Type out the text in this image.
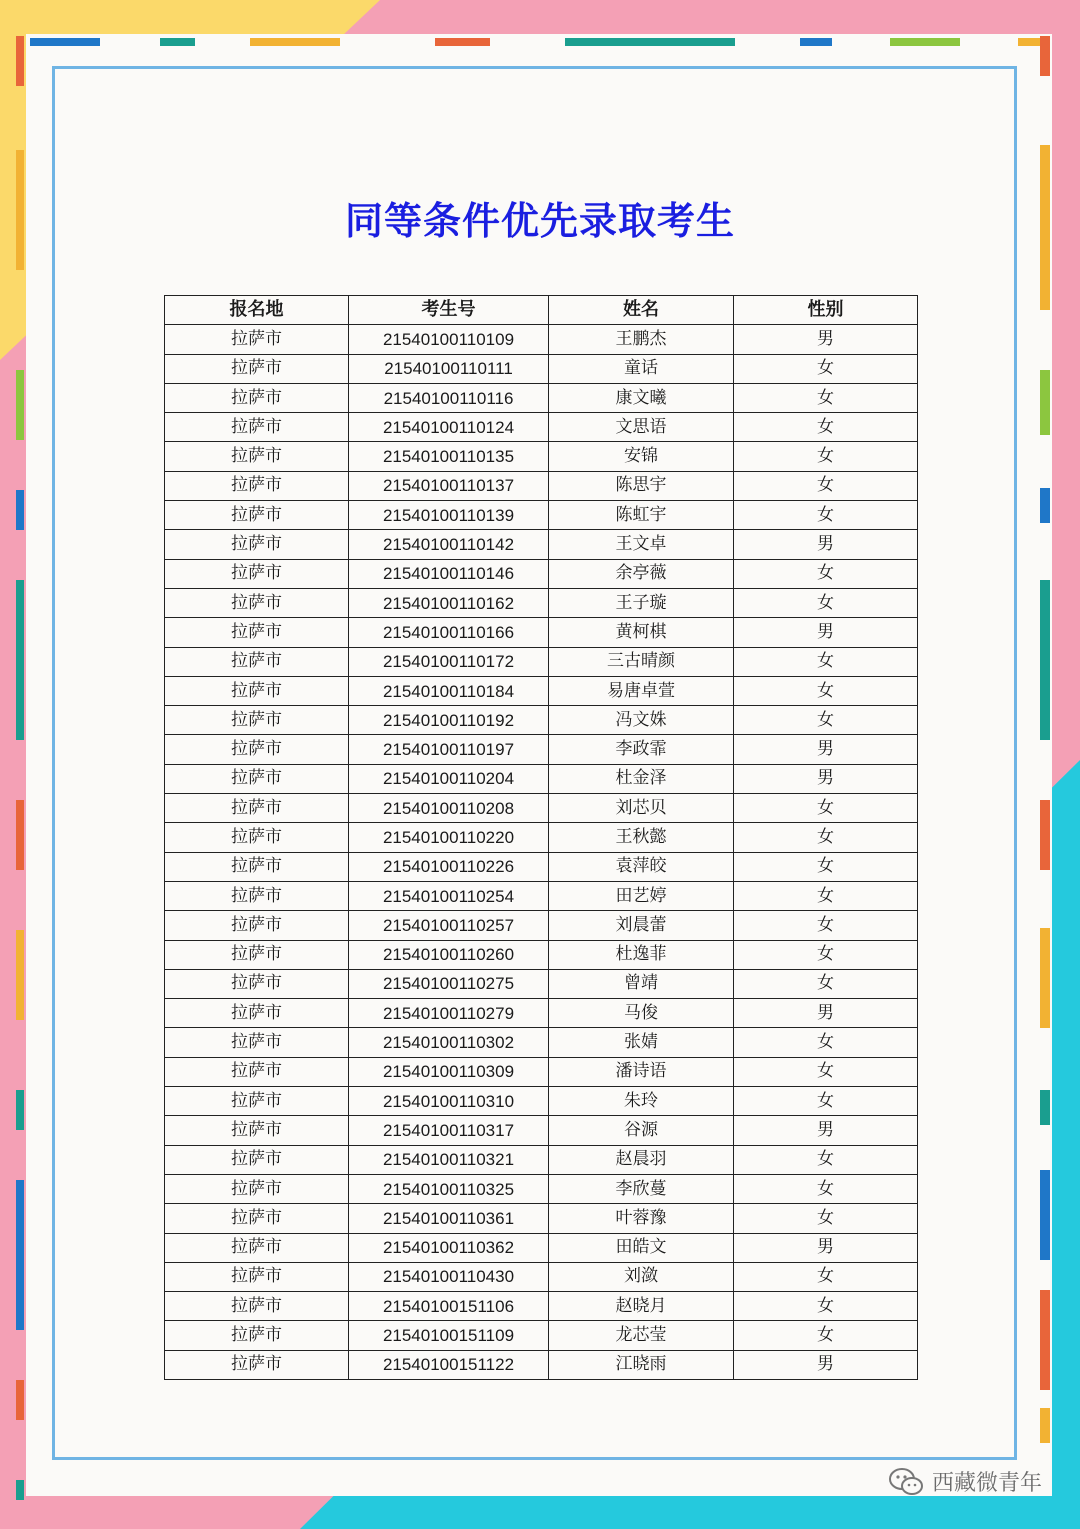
同等条件优先录取考生
报名地	考生号	姓名	性别
拉萨市	21540100110109	王鹏杰	男
拉萨市	21540100110111	童话	女
拉萨市	21540100110116	康文曦	女
拉萨市	21540100110124	文思语	女
拉萨市	21540100110135	安锦	女
拉萨市	21540100110137	陈思宇	女
拉萨市	21540100110139	陈虹宇	女
拉萨市	21540100110142	王文卓	男
拉萨市	21540100110146	余亭薇	女
拉萨市	21540100110162	王子璇	女
拉萨市	21540100110166	黄柯棋	男
拉萨市	21540100110172	三古晴颜	女
拉萨市	21540100110184	易唐卓萱	女
拉萨市	21540100110192	冯文姝	女
拉萨市	21540100110197	李政霏	男
拉萨市	21540100110204	杜金泽	男
拉萨市	21540100110208	刘芯贝	女
拉萨市	21540100110220	王秋懿	女
拉萨市	21540100110226	袁萍皎	女
拉萨市	21540100110254	田艺婷	女
拉萨市	21540100110257	刘晨蕾	女
拉萨市	21540100110260	杜逸菲	女
拉萨市	21540100110275	曾靖	女
拉萨市	21540100110279	马俊	男
拉萨市	21540100110302	张婧	女
拉萨市	21540100110309	潘诗语	女
拉萨市	21540100110310	朱玲	女
拉萨市	21540100110317	谷源	男
拉萨市	21540100110321	赵晨羽	女
拉萨市	21540100110325	李欣蔓	女
拉萨市	21540100110361	叶蓉豫	女
拉萨市	21540100110362	田皓文	男
拉萨市	21540100110430	刘潋	女
拉萨市	21540100151106	赵晓月	女
拉萨市	21540100151109	龙芯莹	女
拉萨市	21540100151122	江晓雨	男
西藏微青年
